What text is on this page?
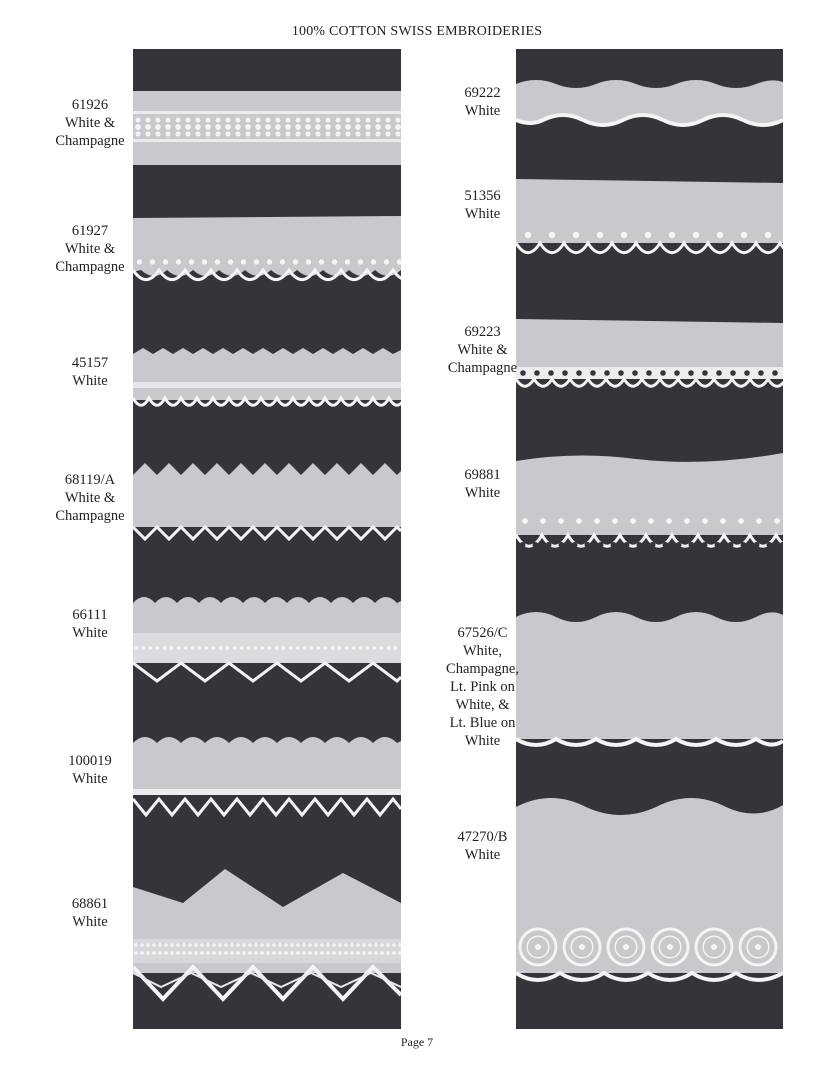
100% COTTON SWISS EMBROIDERIES
61926
White &
Champagne
61927
White &
Champagne
45157
White
68119/A
White &
Champagne
66111
White
100019
White
68861
White
69222
White
51356
White
69223
White &
Champagne
69881
White
67526/C
White,
Champagne,
Lt. Pink on
White, &
Lt. Blue on
White
47270/B
White
Page 7
